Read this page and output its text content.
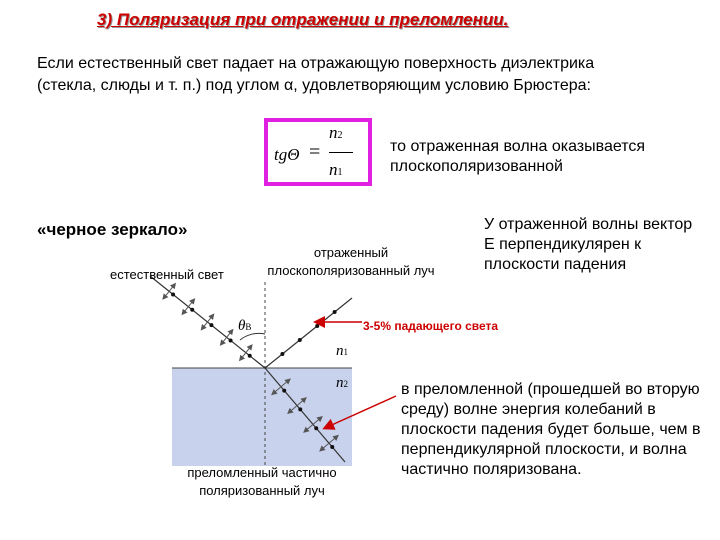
3) Поляризация при отражении и преломлении.
Если естественный свет падает на отражающую поверхность диэлектрика (стекла, слюды и т. п.) под углом α, удовлетворяющим условию Брюстера:
tgΘ =
n2
n1
то отраженная волна оказывается плоскополяризованной
«черное зеркало»	У отраженной волны вектор Е перпендикулярен к плоскости падения
θB
n1
n2
естественный свет
отраженный плоскополяризованный луч
преломленный частично поляризованный луч
3-5% падающего света
в преломленной (прошедшей во вторую среду) волне энергия колебаний в плоскости падения будет больше, чем в перпендикулярной плоскости, и волна частично поляризована.
